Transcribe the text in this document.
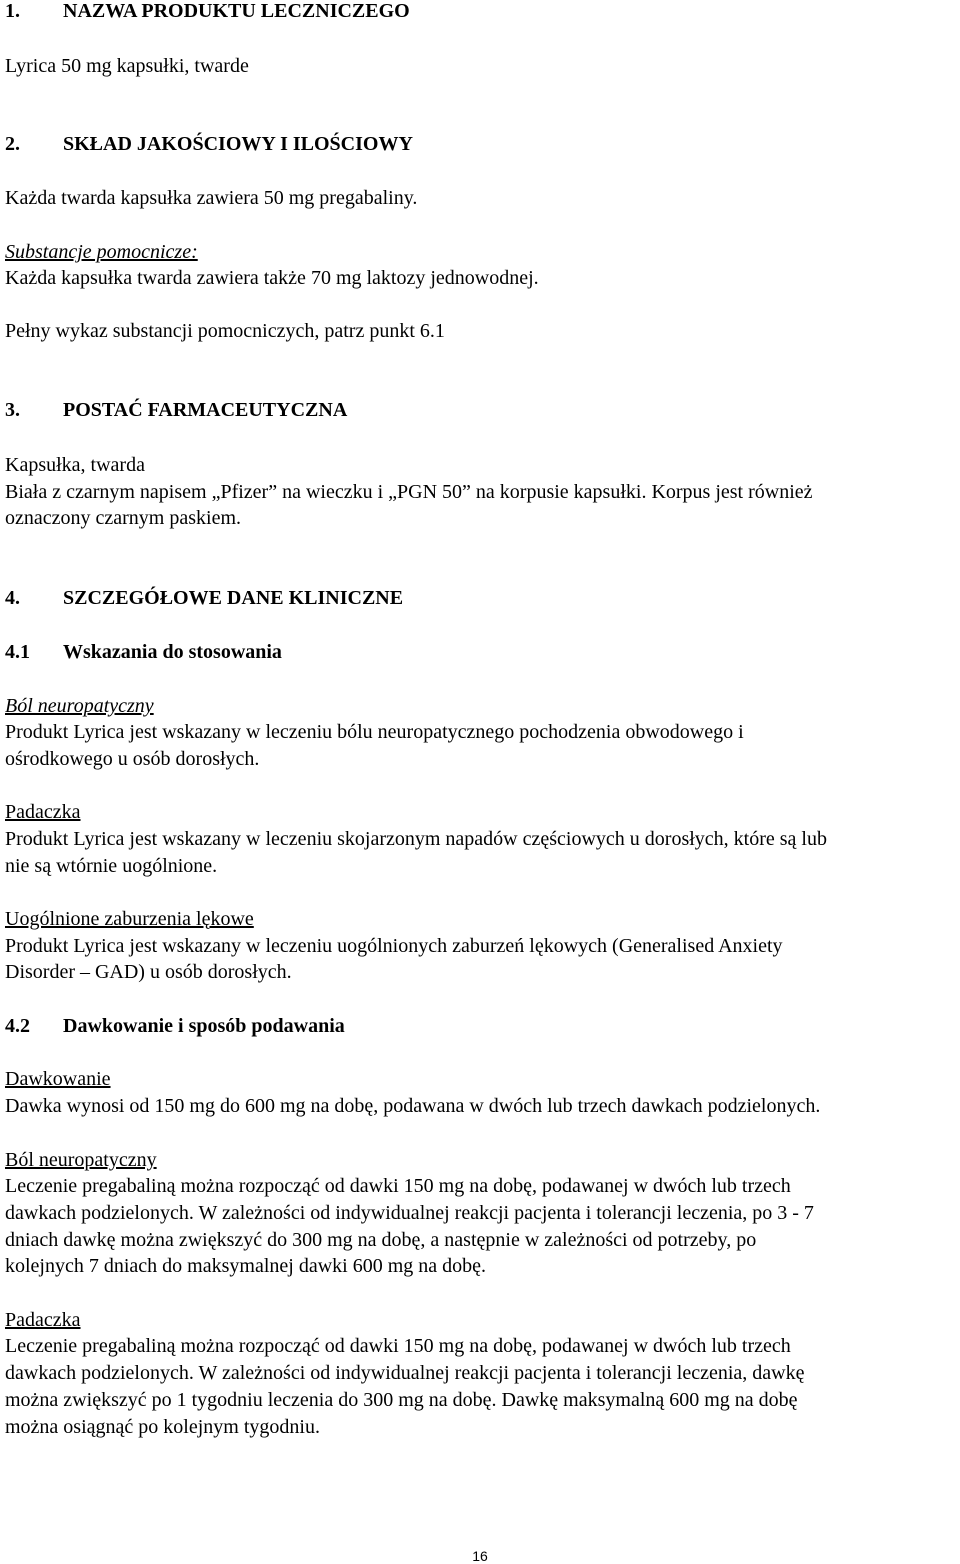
1. NAZWA PRODUKTU LECZNICZEGO
Lyrica 50 mg kapsułki, twarde
2. SKŁAD JAKOŚCIOWY I ILOŚCIOWY
Każda twarda kapsułka zawiera 50 mg pregabaliny.
Substancje pomocnicze:
Każda kapsułka twarda zawiera także 70 mg laktozy jednowodnej.
Pełny wykaz substancji pomocniczych, patrz punkt 6.1
3. POSTAĆ FARMACEUTYCZNA
Kapsułka, twarda
Biała z czarnym napisem „Pfizer” na wieczku i „PGN 50” na korpusie kapsułki. Korpus jest również
oznaczony czarnym paskiem.
4. SZCZEGÓŁOWE DANE KLINICZNE
4.1 Wskazania do stosowania
Ból neuropatyczny
Produkt Lyrica jest wskazany w leczeniu bólu neuropatycznego pochodzenia obwodowego i
ośrodkowego u osób dorosłych.
Padaczka
Produkt Lyrica jest wskazany w leczeniu skojarzonym napadów częściowych u dorosłych, które są lub
nie są wtórnie uogólnione.
Uogólnione zaburzenia lękowe
Produkt Lyrica jest wskazany w leczeniu uogólnionych zaburzeń lękowych (Generalised Anxiety
Disorder – GAD) u osób dorosłych.
4.2 Dawkowanie i sposób podawania
Dawkowanie
Dawka wynosi od 150 mg do 600 mg na dobę, podawana w dwóch lub trzech dawkach podzielonych.
Ból neuropatyczny
Leczenie pregabaliną można rozpocząć od dawki 150 mg na dobę, podawanej w dwóch lub trzech
dawkach podzielonych. W zależności od indywidualnej reakcji pacjenta i tolerancji leczenia, po 3 - 7
dniach dawkę można zwiększyć do 300 mg na dobę, a następnie w zależności od potrzeby, po
kolejnych 7 dniach do maksymalnej dawki 600 mg na dobę.
Padaczka
Leczenie pregabaliną można rozpocząć od dawki 150 mg na dobę, podawanej w dwóch lub trzech
dawkach podzielonych. W zależności od indywidualnej reakcji pacjenta i tolerancji leczenia, dawkę
można zwiększyć po 1 tygodniu leczenia do 300 mg na dobę. Dawkę maksymalną 600 mg na dobę
można osiągnąć po kolejnym tygodniu.
16
